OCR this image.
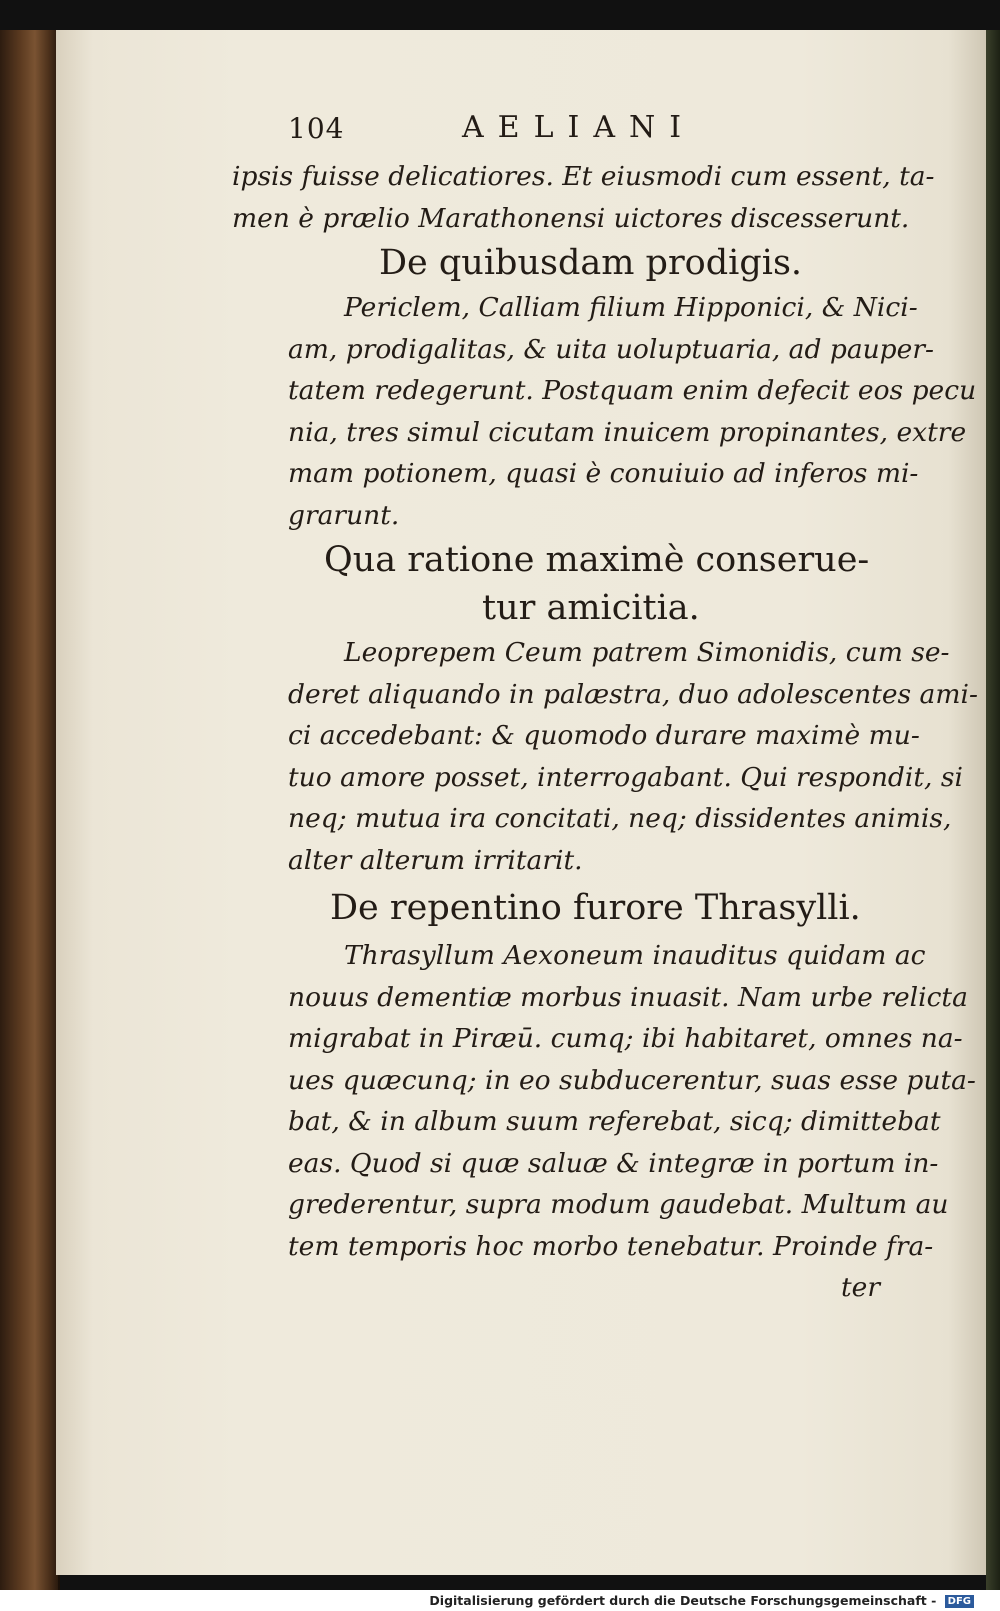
104	AELIANI
ipsis fuisse delicatiores. Et eiusmodi cum essent, ta-
men è prælio Marathonensi uictores discesserunt.
De quibusdam prodigis.
Periclem, Calliam filium Hipponici, & Nici-
am, prodigalitas, & uita uoluptuaria, ad pauper-
tatem redegerunt. Postquam enim defecit eos pecu
nia, tres simul cicutam inuicem propinantes, extre
mam potionem, quasi è conuiuio ad inferos mi-
grarunt.
Qua ratione maximè conserue-
tur amicitia.
Leoprepem Ceum patrem Simonidis, cum se-
deret aliquando in palæstra, duo adolescentes ami-
ci accedebant: & quomodo durare maximè mu-
tuo amore posset, interrogabant. Qui respondit, si
neq; mutua ira concitati, neq; dissidentes animis,
alter alterum irritarit.
De repentino furore Thrasylli.
Thrasyllum Aexoneum inauditus quidam ac
nouus dementiæ morbus inuasit. Nam urbe relicta
migrabat in Piræū. cumq; ibi habitaret, omnes na-
ues quæcunq; in eo subducerentur, suas esse puta-
bat, & in album suum referebat, sicq; dimittebat
eas. Quod si quæ saluæ & integræ in portum in-
grederentur, supra modum gaudebat. Multum au
tem temporis hoc morbo tenebatur. Proinde fra-
ter
Digitalisierung gefördert durch die Deutsche Forschungsgemeinschaft - DFG
